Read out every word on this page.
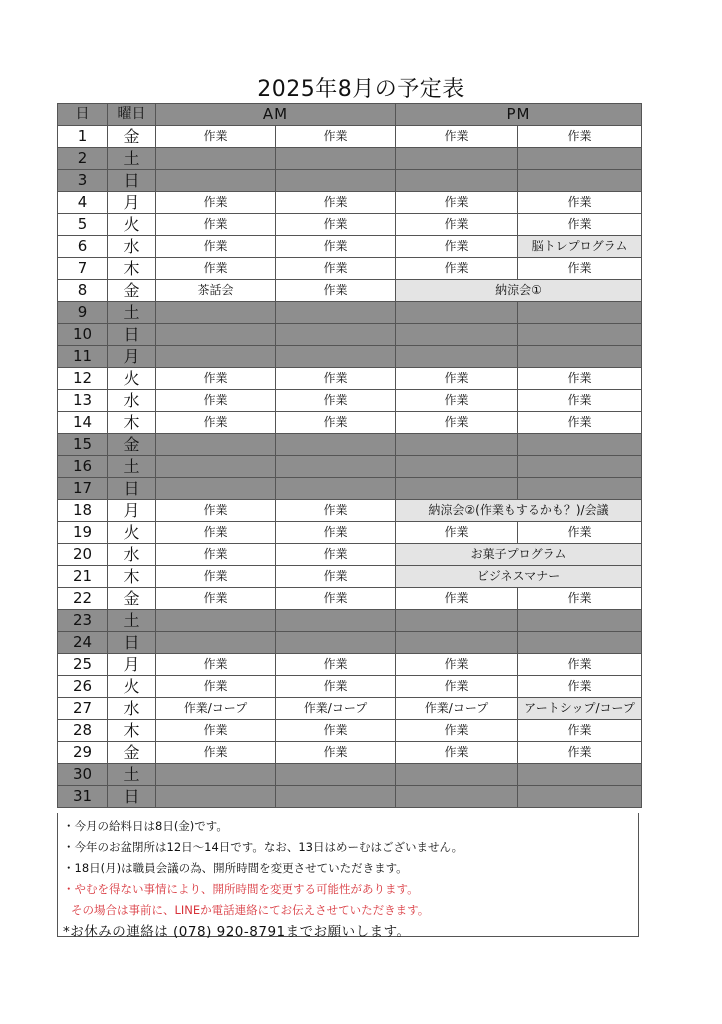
2025年8月の予定表
日	曜日	AM		PM	
1	金	作業	作業	作業	作業
2	土				
3	日				
4	月	作業	作業	作業	作業
5	火	作業	作業	作業	作業
6	水	作業	作業	作業	脳トレプログラム
7	木	作業	作業	作業	作業
8	金	茶話会	作業	納涼会①	
9	土				
10	日				
11	月				
12	火	作業	作業	作業	作業
13	水	作業	作業	作業	作業
14	木	作業	作業	作業	作業
15	金				
16	土				
17	日				
18	月	作業	作業	納涼会②(作業もするかも？)/会議	
19	火	作業	作業	作業	作業
20	水	作業	作業	お菓子プログラム	
21	木	作業	作業	ビジネスマナー	
22	金	作業	作業	作業	作業
23	土				
24	日				
25	月	作業	作業	作業	作業
26	火	作業	作業	作業	作業
27	水	作業/コープ	作業/コープ	作業/コープ	アートシップ/コープ
28	木	作業	作業	作業	作業
29	金	作業	作業	作業	作業
30	土				
31	日				
・今月の給料日は8日(金)です。
・今年のお盆閉所は12日～14日です。なお、13日はめーむはございません。
・18日(月)は職員会議の為、開所時間を変更させていただきます。
・やむを得ない事情により、開所時間を変更する可能性があります。
その場合は事前に、LINEか電話連絡にてお伝えさせていただきます。
*お休みの連絡は (078) 920-8791までお願いします。
